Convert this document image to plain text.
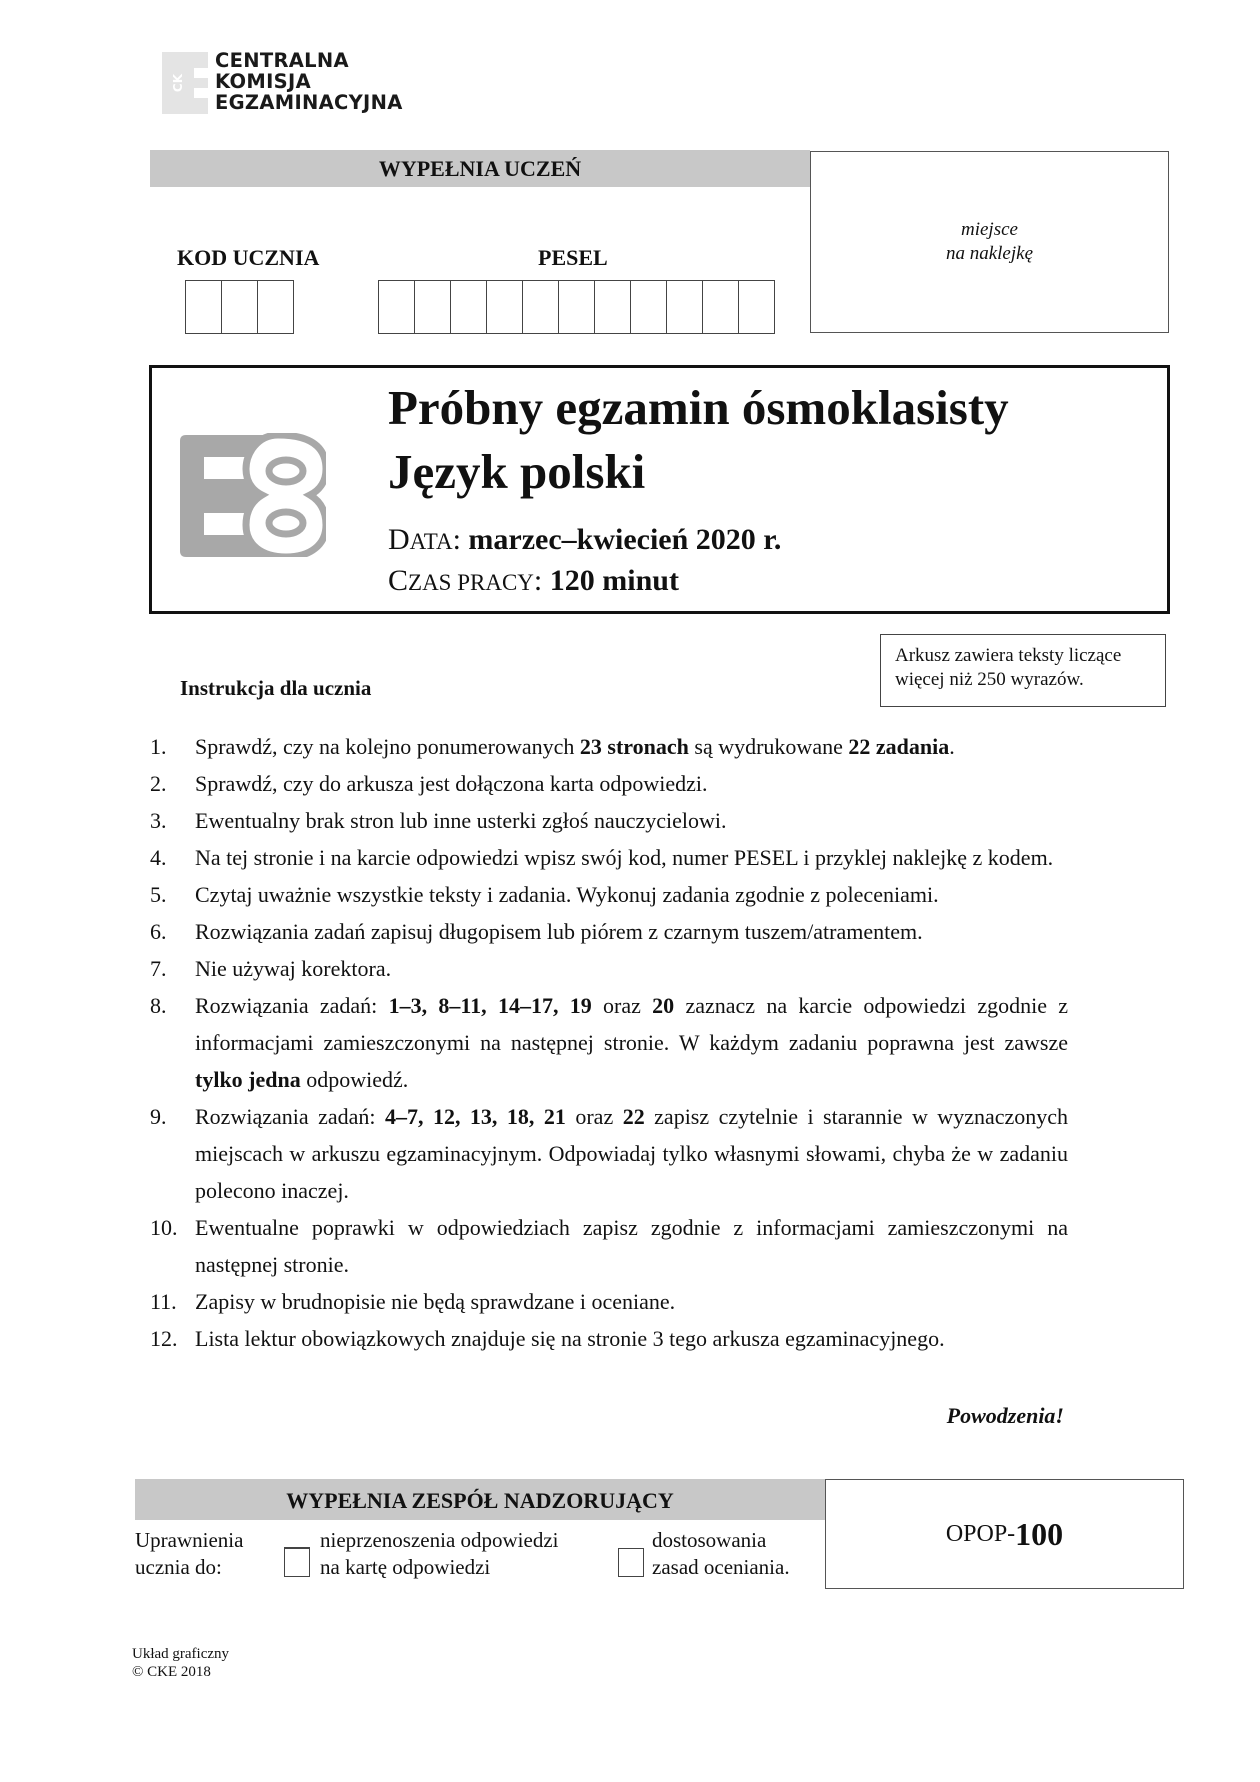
CK
CENTRALNA
KOMISJA
EGZAMINACYJNA
WYPEŁNIA UCZEŃ
KOD UCZNIA	PESEL
miejsce
na naklejkę
Próbny egzamin ósmoklasisty
Język polski
DATA: marzec–kwiecień 2020 r.
CZAS PRACY: 120 minut
Instrukcja dla ucznia
Arkusz zawiera teksty liczące
więcej niż 250 wyrazów.
1.	Sprawdź, czy na kolejno ponumerowanych 23 stronach są wydrukowane 22 zadania.
2.	Sprawdź, czy do arkusza jest dołączona karta odpowiedzi.
3.	Ewentualny brak stron lub inne usterki zgłoś nauczycielowi.
4.	Na tej stronie i na karcie odpowiedzi wpisz swój kod, numer PESEL i przyklej naklejkę z kodem.
5.	Czytaj uważnie wszystkie teksty i zadania. Wykonuj zadania zgodnie z poleceniami.
6.	Rozwiązania zadań zapisuj długopisem lub piórem z czarnym tuszem/atramentem.
7.	Nie używaj korektora.
8.	Rozwiązania zadań: 1–3, 8–11, 14–17, 19 oraz 20 zaznacz na karcie odpowiedzi zgodnie z informacjami zamieszczonymi na następnej stronie. W każdym zadaniu poprawna jest zawsze tylko jedna odpowiedź.
9.	Rozwiązania zadań: 4–7, 12, 13, 18, 21 oraz 22 zapisz czytelnie i starannie w wyznaczonych miejscach w arkuszu egzaminacyjnym. Odpowiadaj tylko własnymi słowami, chyba że w zadaniu polecono inaczej.
10. Ewentualne poprawki w odpowiedziach zapisz zgodnie z informacjami zamieszczonymi na następnej stronie.
11. Zapisy w brudnopisie nie będą sprawdzane i oceniane.
12. Lista lektur obowiązkowych znajduje się na stronie 3 tego arkusza egzaminacyjnego.
Powodzenia!
WYPEŁNIA ZESPÓŁ NADZORUJĄCY
Uprawnienia
ucznia do:
nieprzenoszenia odpowiedzi
na kartę odpowiedzi
dostosowania
zasad oceniania.
OPOP- 100
Układ graficzny
© CKE 2018
